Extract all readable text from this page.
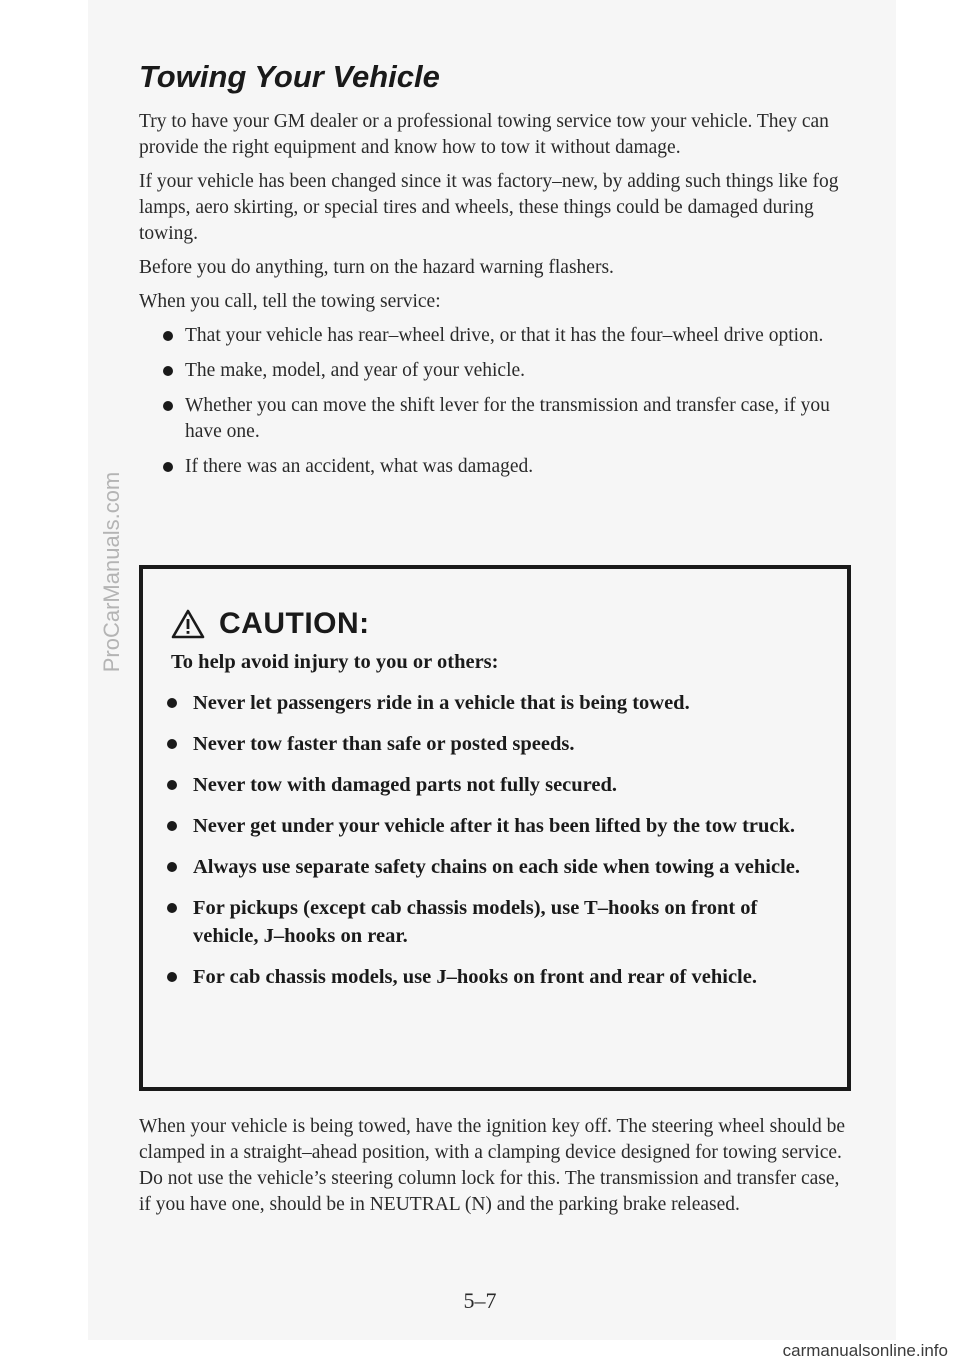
ProCarManuals.com
Towing Your Vehicle

Try to have your GM dealer or a professional towing service tow your vehicle. They can provide the right equipment and know how to tow it without damage.

If your vehicle has been changed since it was factory–new, by adding such things like fog lamps, aero skirting, or special tires and wheels, these things could be damaged during towing.

Before you do anything, turn on the hazard warning flashers.

When you call, tell the towing service:

That your vehicle has rear–wheel drive, or that it has the four–wheel drive option.
The make, model, and year of your vehicle.
Whether you can move the shift lever for the transmission and transfer case, if you have one.
If there was an accident, what was damaged.
CAUTION:
To help avoid injury to you or others:
Never let passengers ride in a vehicle that is being towed.
Never tow faster than safe or posted speeds.
Never tow with damaged parts not fully secured.
Never get under your vehicle after it has been lifted by the tow truck.
Always use separate safety chains on each side when towing a vehicle.
For pickups (except cab chassis models), use T–hooks on front of vehicle, J–hooks on rear.
For cab chassis models, use J–hooks on front and rear of vehicle.

When your vehicle is being towed, have the ignition key off. The steering wheel should be clamped in a straight–ahead position, with a clamping device designed for towing service. Do not use the vehicle’s steering column lock for this. The transmission and transfer case, if you have one, should be in NEUTRAL (N) and the parking brake released.

5–7
carmanualsonline.info
